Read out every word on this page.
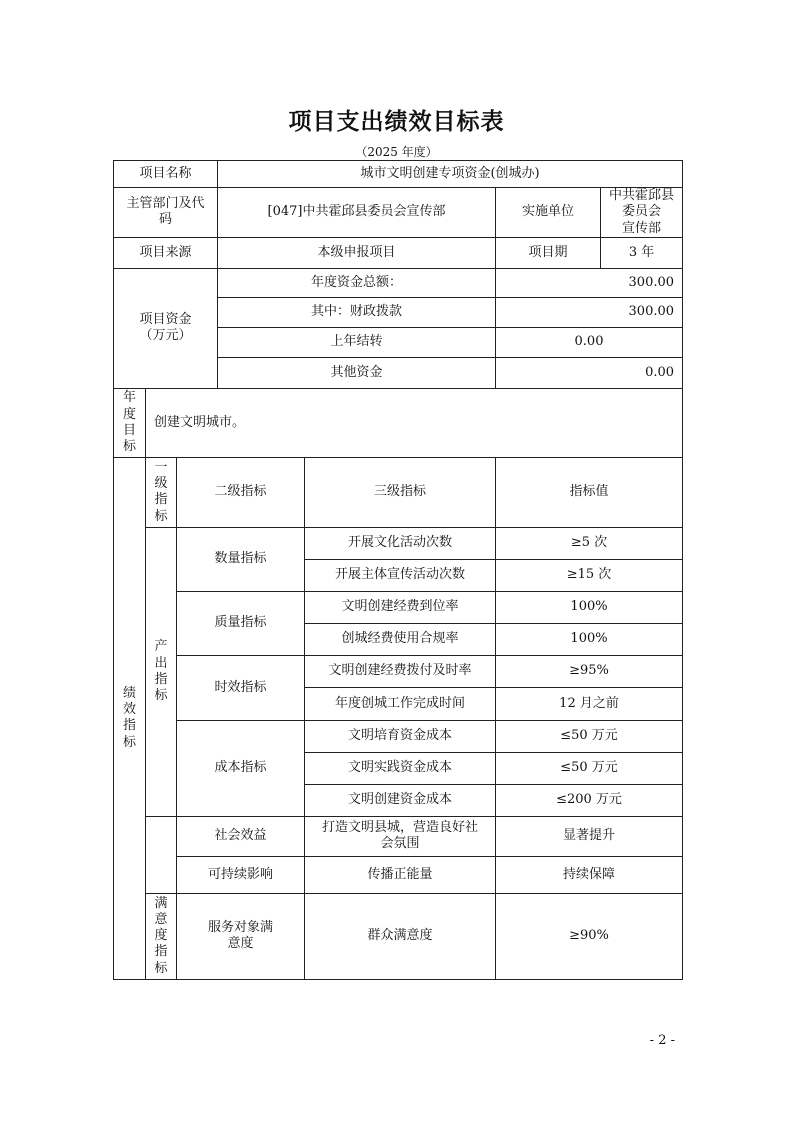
项目支出绩效目标表
（2025 年度）
项目名称			城市文明创建专项资金(创城办)			
主管部门及代
码			[047]中共霍邱县委员会宣传部		实施单位	中共霍邱县委员会
宣传部
项目来源			本级申报项目		项目期	3 年
项目资金
（万元）			年度资金总额：		300.00	
			其中：财政拨款		300.00	
			上年结转		0.00	
			其他资金		0.00	
年
度
目
标	创建文明城市。					
绩
效
指
标	一
级
指
标	二级指标		三级指标	指标值	
	产
出
指
标	数量指标		开展文化活动次数	≥5 次	
				开展主体宣传活动次数	≥15 次	
		质量指标		文明创建经费到位率	100%	
				创城经费使用合规率	100%	
		时效指标		文明创建经费拨付及时率	≥95%	
				年度创城工作完成时间	12 月之前	
		成本指标		文明培育资金成本	≤50 万元	
				文明实践资金成本	≤50 万元	
				文明创建资金成本	≤200 万元	
		社会效益		打造文明县城，营造良好社
会氛围	显著提升	
		可持续影响		传播正能量	持续保障	
	满
意
度
指
标	服务对象满
意度		群众满意度	≥90%	
- 2 -
